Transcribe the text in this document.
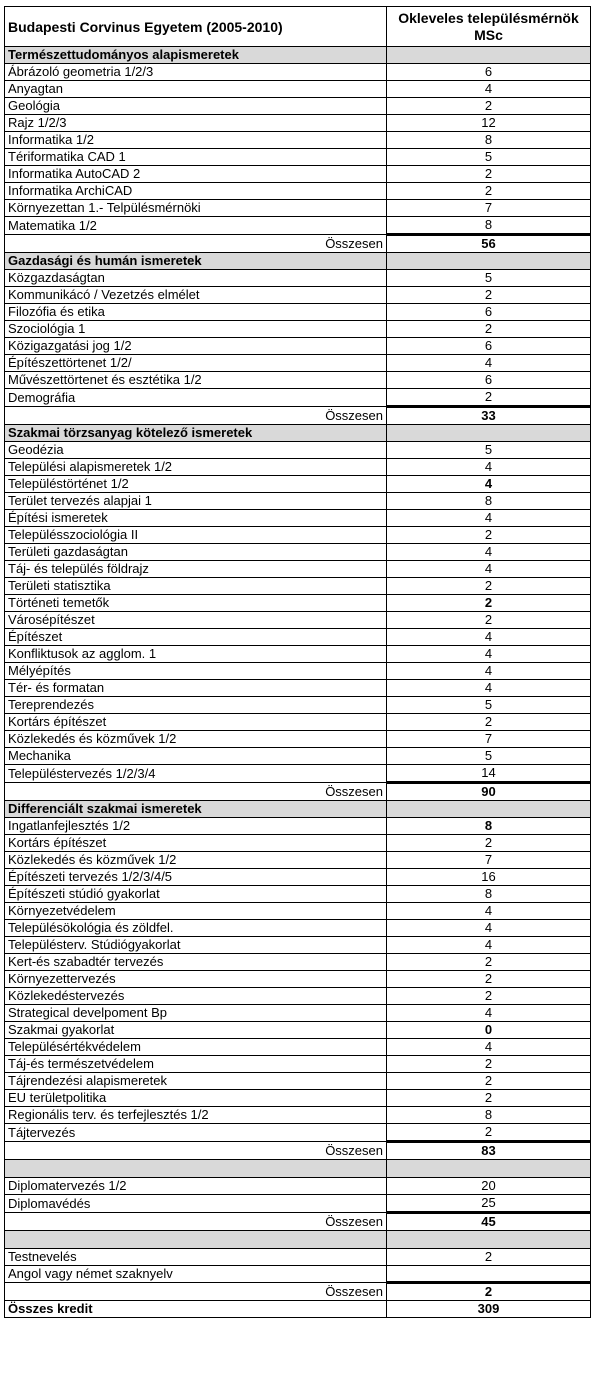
Budapesti Corvinus Egyetem (2005-2010)	Okleveles településmérnök
MSc
Természettudományos alapismeretek	
Ábrázoló geometria 1/2/3	6
Anyagtan	4
Geológia	2
Rajz 1/2/3	12
Informatika 1/2	8
Tériformatika CAD 1	5
Informatika AutoCAD 2	2
Informatika ArchiCAD	2
Környezettan 1.- Telpülésmérnöki	7
Matematika 1/2	8
Összesen	56
Gazdasági és humán ismeretek	
Közgazdaságtan	5
Kommunikácó / Vezetzés elmélet	2
Filozófia és etika	6
Szociológia 1	2
Közigazgatási jog 1/2	6
Építészettörtenet 1/2/	4
Művészettörtenet és esztétika 1/2	6
Demográfia	2
Összesen	33
Szakmai törzsanyag kötelező ismeretek	
Geodézia	5
Települési alapismeretek 1/2	4
Településtörténet 1/2	4
Terület tervezés alapjai 1	8
Építési ismeretek	4
Településszociológia II	2
Területi gazdaságtan	4
Táj- és település földrajz	4
Területi statisztika	2
Történeti temetők	2
Városépítészet	2
Építészet	4
Konfliktusok az agglom. 1	4
Mélyépítés	4
Tér- és formatan	4
Tereprendezés	5
Kortárs építészet	2
Közlekedés és közművek 1/2	7
Mechanika	5
Településtervezés 1/2/3/4	14
Összesen	90
Differenciált szakmai ismeretek	
Ingatlanfejlesztés 1/2	8
Kortárs építészet	2
Közlekedés és közművek 1/2	7
Építészeti tervezés 1/2/3/4/5	16
Építészeti stúdió gyakorlat	8
Környezetvédelem	4
Településökológia és zöldfel.	4
Településterv. Stúdiógyakorlat	4
Kert-és szabadtér tervezés	2
Környezettervezés	2
Közlekedéstervezés	2
Strategical develpoment Bp	4
Szakmai gyakorlat	0
Településértékvédelem	4
Táj-és természetvédelem	2
Tájrendezési alapismeretek	2
EU területpolitika	2
Regionális terv. és terfejlesztés 1/2	8
Tájtervezés	2
Összesen	83

Diplomatervezés 1/2	20
Diplomavédés	25
Összesen	45

Testnevelés	2
Angol vagy német szaknyelv	
Összesen	2
Összes kredit	309
